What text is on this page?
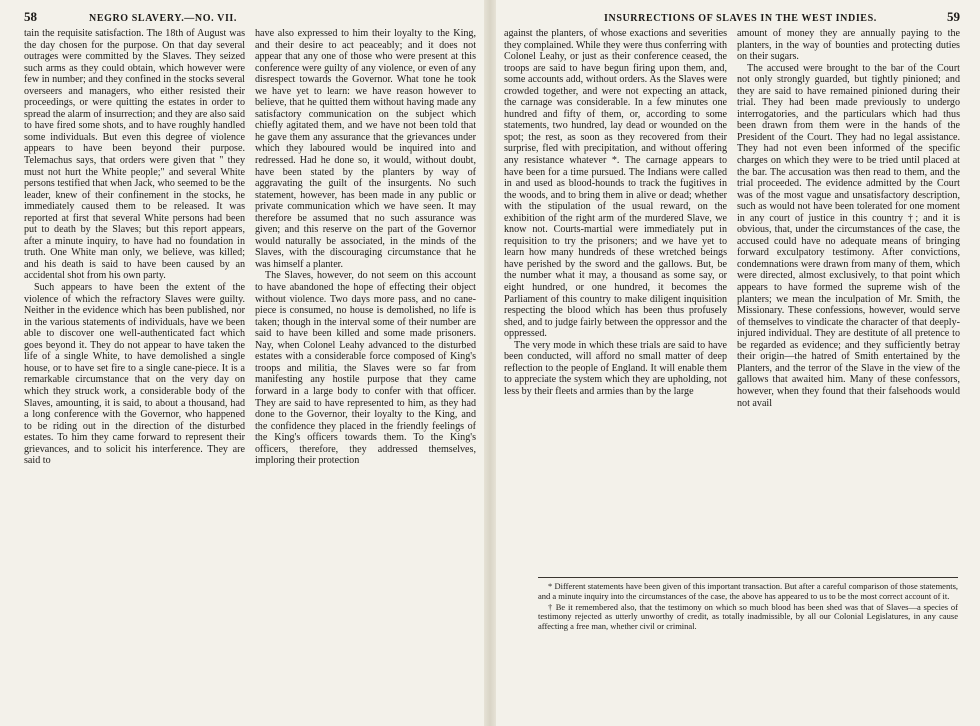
58	NEGRO SLAVERY.—NO. VII.

tain the requisite satisfaction. The 18th of August was the day chosen for the purpose. On that day several outrages were committed by the Slaves. They seized such arms as they could obtain, which however were few in number; and they confined in the stocks several overseers and managers, who either resisted their proceedings, or were quitting the estates in order to spread the alarm of insurrection; and they are also said to have fired some shots, and to have roughly handled some individuals. But even this degree of violence appears to have been beyond their purpose. Telemachus says, that orders were given that " they must not hurt the White people;" and several White persons testified that when Jack, who seemed to be the leader, knew of their confinement in the stocks, he immediately caused them to be released. It was reported at first that several White persons had been put to death by the Slaves; but this report appears, after a minute inquiry, to have had no foundation in truth. One White man only, we believe, was killed; and his death is said to have been caused by an accidental shot from his own party.

Such appears to have been the extent of the violence of which the refractory Slaves were guilty. Neither in the evidence which has been published, nor in the various statements of individuals, have we been able to discover one well-authenticated fact which goes beyond it. They do not appear to have taken the life of a single White, to have demolished a single house, or to have set fire to a single cane-piece. It is a remarkable circumstance that on the very day on which they struck work, a considerable body of the Slaves, amounting, it is said, to about a thousand, had a long conference with the Governor, who happened to be riding out in the direction of the disturbed estates. To him they came forward to represent their grievances, and to solicit his interference. They are said to

have also expressed to him their loyalty to the King, and their desire to act peaceably; and it does not appear that any one of those who were present at this conference were guilty of any violence, or even of any disrespect towards the Governor. What tone he took we have yet to learn: we have reason however to believe, that he quitted them without having made any satisfactory communication on the subject which chiefly agitated them, and we have not been told that he gave them any assurance that the grievances under which they laboured would be inquired into and redressed. Had he done so, it would, without doubt, have been stated by the planters by way of aggravating the guilt of the insurgents. No such statement, however, has been made in any public or private communication which we have seen. It may therefore be assumed that no such assurance was given; and this reserve on the part of the Governor would naturally be associated, in the minds of the Slaves, with the discouraging circumstance that he was himself a planter.

The Slaves, however, do not seem on this account to have abandoned the hope of effecting their object without violence. Two days more pass, and no cane-piece is consumed, no house is demolished, no life is taken; though in the interval some of their number are said to have been killed and some made prisoners. Nay, when Colonel Leahy advanced to the disturbed estates with a considerable force composed of King's troops and militia, the Slaves were so far from manifesting any hostile purpose that they came forward in a large body to confer with that officer. They are said to have represented to him, as they had done to the Governor, their loyalty to the King, and the confidence they placed in the friendly feelings of the King's officers towards them. To the King's officers, therefore, they addressed themselves, imploring their protection

INSURRECTIONS OF SLAVES IN THE WEST INDIES.	59

against the planters, of whose exactions and severities they complained. While they were thus conferring with Colonel Leahy, or just as their conference ceased, the troops are said to have begun firing upon them, and, some accounts add, without orders. As the Slaves were crowded together, and were not expecting an attack, the carnage was considerable. In a few minutes one hundred and fifty of them, or, according to some statements, two hundred, lay dead or wounded on the spot; the rest, as soon as they recovered from their surprise, fled with precipitation, and without offering any resistance whatever *. The carnage appears to have been for a time pursued. The Indians were called in and used as blood-hounds to track the fugitives in the woods, and to bring them in alive or dead; whether with the stipulation of the usual reward, on the exhibition of the right arm of the murdered Slave, we know not. Courts-martial were immediately put in requisition to try the prisoners; and we have yet to learn how many hundreds of these wretched beings have perished by the sword and the gallows. But, be the number what it may, a thousand as some say, or eight hundred, or one hundred, it becomes the Parliament of this country to make diligent inquisition respecting the blood which has been thus profusely shed, and to judge fairly between the oppressor and the oppressed.

The very mode in which these trials are said to have been conducted, will afford no small matter of deep reflection to the people of England. It will enable them to appreciate the system which they are upholding, not less by their fleets and armies than by the large

amount of money they are annually paying to the planters, in the way of bounties and protecting duties on their sugars.

The accused were brought to the bar of the Court not only strongly guarded, but tightly pinioned; and they are said to have remained pinioned during their trial. They had been made previously to undergo interrogatories, and the particulars which had thus been drawn from them were in the hands of the President of the Court. They had no legal assistance. They had not even been informed of the specific charges on which they were to be tried until placed at the bar. The accusation was then read to them, and the trial proceeded. The evidence admitted by the Court was of the most vague and unsatisfactory description, such as would not have been tolerated for one moment in any court of justice in this country †; and it is obvious, that, under the circumstances of the case, the accused could have no adequate means of bringing forward exculpatory testimony. After convictions, condemnations were drawn from many of them, which were directed, almost exclusively, to that point which appears to have formed the supreme wish of the planters; we mean the inculpation of Mr. Smith, the Missionary. These confessions, however, would serve of themselves to vindicate the character of that deeply-injured individual. They are destitute of all pretence to be regarded as evidence; and they sufficiently betray their origin—the hatred of Smith entertained by the Planters, and the terror of the Slave in the view of the gallows that awaited him. Many of these confessors, however, when they found that their falsehoods would not avail

* Different statements have been given of this important transaction. But after a careful comparison of those statements, and a minute inquiry into the circumstances of the case, the above has appeared to us to be the most correct account of it.

† Be it remembered also, that the testimony on which so much blood has been shed was that of Slaves—a species of testimony rejected as utterly unworthy of credit, as totally inadmissible, by all our Colonial Legislatures, in any cause affecting a free man, whether civil or criminal.
